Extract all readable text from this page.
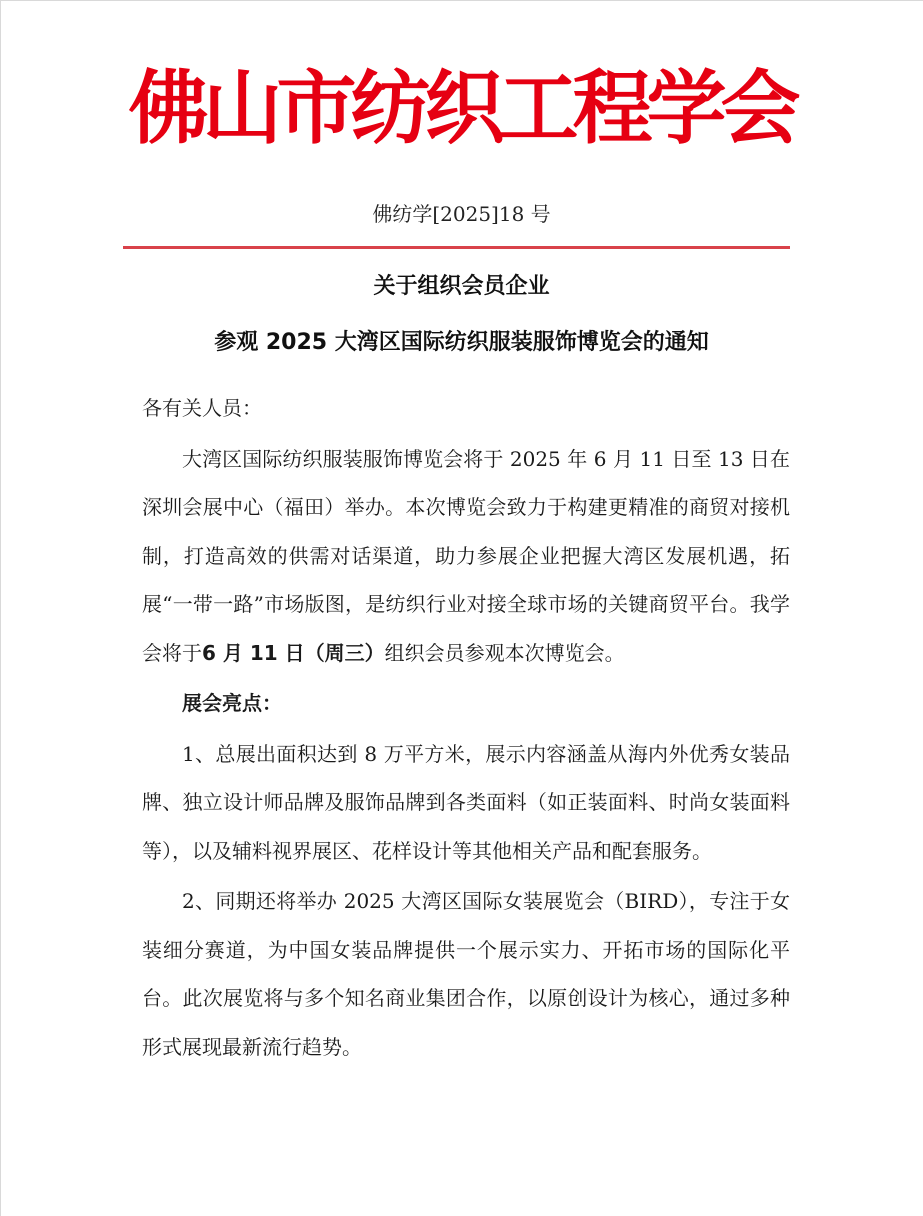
佛山市纺织工程学会
佛纺学[2025]18 号
关于组织会员企业
参观 2025 大湾区国际纺织服装服饰博览会的通知

各有关人员：

大湾区国际纺织服装服饰博览会将于 2025 年 6 月 11 日至 13 日在深圳会展中心（福田）举办。本次博览会致力于构建更精准的商贸对接机制，打造高效的供需对话渠道，助力参展企业把握大湾区发展机遇，拓展“一带一路”市场版图，是纺织行业对接全球市场的关键商贸平台。我学会将于6 月 11 日（周三）组织会员参观本次博览会。

展会亮点：

1、总展出面积达到 8 万平方米，展示内容涵盖从海内外优秀女装品牌、独立设计师品牌及服饰品牌到各类面料（如正装面料、时尚女装面料等），以及辅料视界展区、花样设计等其他相关产品和配套服务。

2、同期还将举办 2025 大湾区国际女装展览会（BIRD），专注于女装细分赛道，为中国女装品牌提供一个展示实力、开拓市场的国际化平台。此次展览将与多个知名商业集团合作，以原创设计为核心，通过多种形式展现最新流行趋势。
